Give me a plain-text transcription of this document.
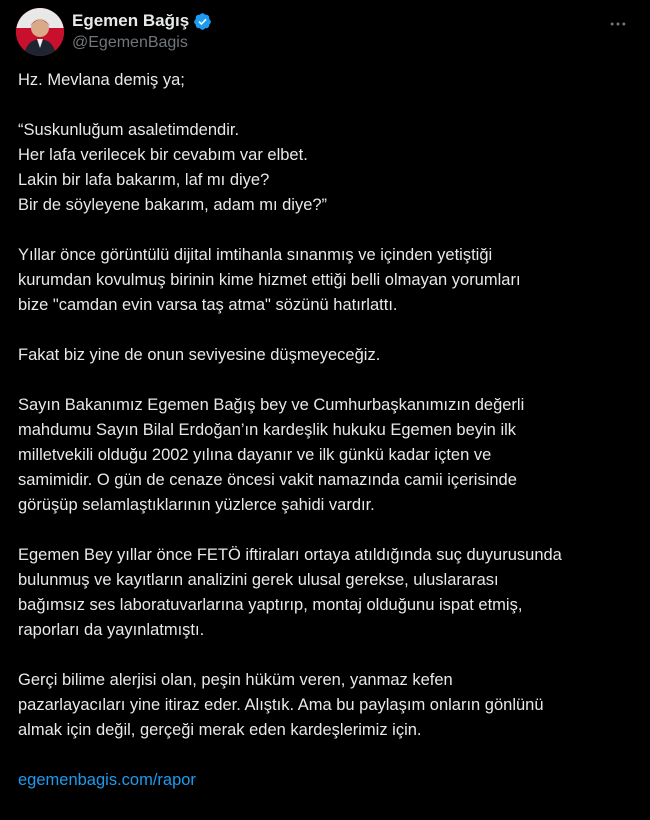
Egemen Bağış
@EgemenBagis

Hz. Mevlana demiş ya;

“Suskunluğum asaletimdendir.
Her lafa verilecek bir cevabım var elbet.
Lakin bir lafa bakarım, laf mı diye?
Bir de söyleyene bakarım, adam mı diye?”

Yıllar önce görüntülü dijital imtihanla sınanmış ve içinden yetiştiği
kurumdan kovulmuş birinin kime hizmet ettiği belli olmayan yorumları
bize "camdan evin varsa taş atma" sözünü hatırlattı.

Fakat biz yine de onun seviyesine düşmeyeceğiz.

Sayın Bakanımız Egemen Bağış bey ve Cumhurbaşkanımızın değerli
mahdumu Sayın Bilal Erdoğan’ın kardeşlik hukuku Egemen beyin ilk
milletvekili olduğu 2002 yılına dayanır ve ilk günkü kadar içten ve
samimidir. O gün de cenaze öncesi vakit namazında camii içerisinde
görüşüp selamlaştıklarının yüzlerce şahidi vardır.

Egemen Bey yıllar önce FETÖ iftiraları ortaya atıldığında suç duyurusunda
bulunmuş ve kayıtların analizini gerek ulusal gerekse, uluslararası
bağımsız ses laboratuvarlarına yaptırıp, montaj olduğunu ispat etmiş,
raporları da yayınlatmıştı.

Gerçi bilime alerjisi olan, peşin hüküm veren, yanmaz kefen
pazarlayacıları yine itiraz eder. Alıştık. Ama bu paylaşım onların gönlünü
almak için değil, gerçeği merak eden kardeşlerimiz için.

egemenbagis.com/rapor
